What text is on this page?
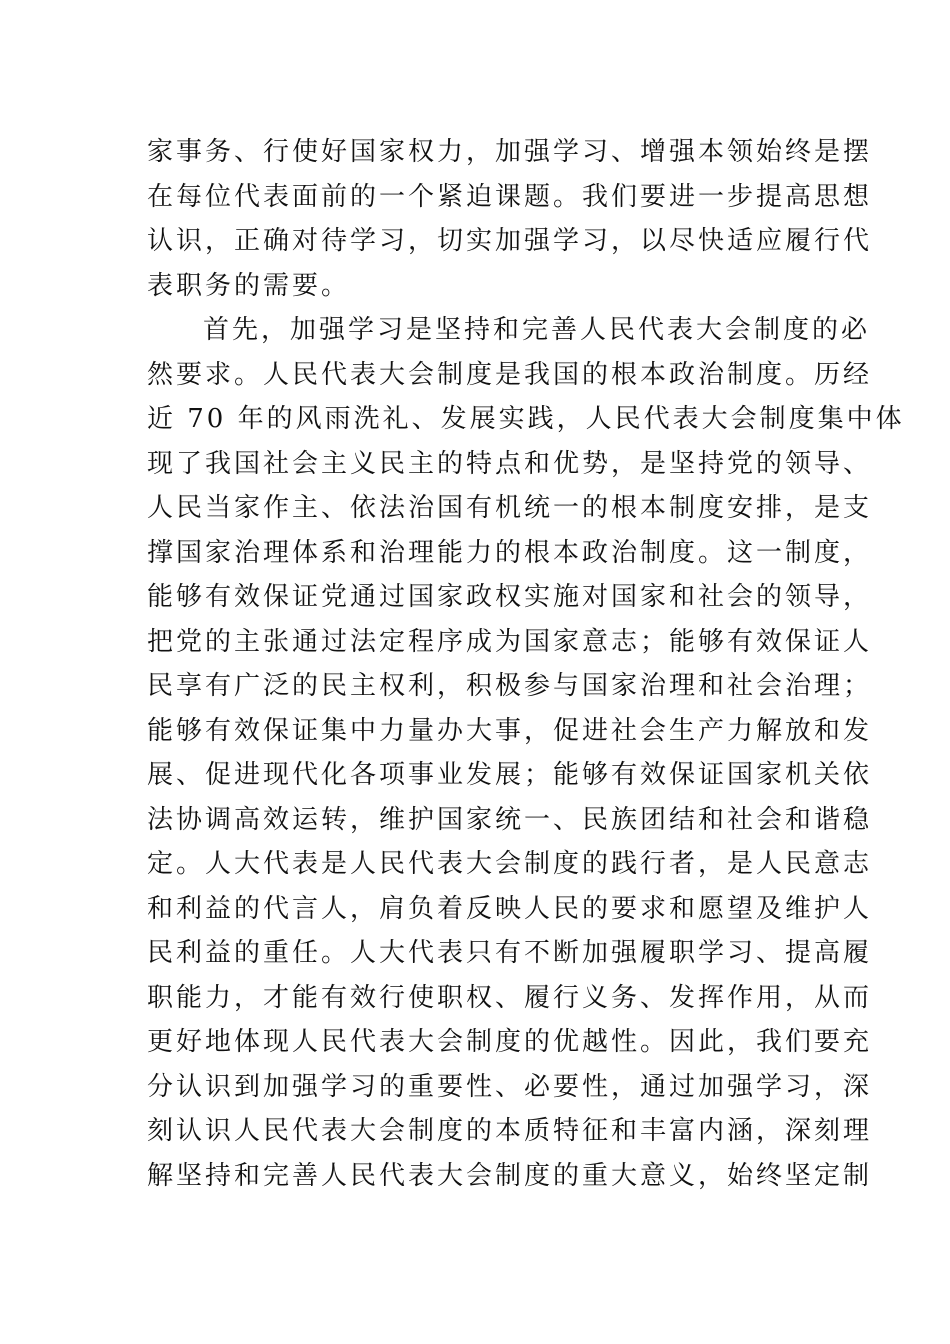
家事务、行使好国家权力，加强学习、增强本领始终是摆
在每位代表面前的一个紧迫课题。我们要进一步提高思想
认识，正确对待学习，切实加强学习，以尽快适应履行代
表职务的需要。
首先，加强学习是坚持和完善人民代表大会制度的必
然要求。人民代表大会制度是我国的根本政治制度。历经
近 70 年的风雨洗礼、发展实践，人民代表大会制度集中体
现了我国社会主义民主的特点和优势，是坚持党的领导、
人民当家作主、依法治国有机统一的根本制度安排，是支
撑国家治理体系和治理能力的根本政治制度。这一制度，
能够有效保证党通过国家政权实施对国家和社会的领导，
把党的主张通过法定程序成为国家意志；能够有效保证人
民享有广泛的民主权利，积极参与国家治理和社会治理；
能够有效保证集中力量办大事，促进社会生产力解放和发
展、促进现代化各项事业发展；能够有效保证国家机关依
法协调高效运转，维护国家统一、民族团结和社会和谐稳
定。人大代表是人民代表大会制度的践行者，是人民意志
和利益的代言人，肩负着反映人民的要求和愿望及维护人
民利益的重任。人大代表只有不断加强履职学习、提高履
职能力，才能有效行使职权、履行义务、发挥作用，从而
更好地体现人民代表大会制度的优越性。因此，我们要充
分认识到加强学习的重要性、必要性，通过加强学习，深
刻认识人民代表大会制度的本质特征和丰富内涵，深刻理
解坚持和完善人民代表大会制度的重大意义，始终坚定制
